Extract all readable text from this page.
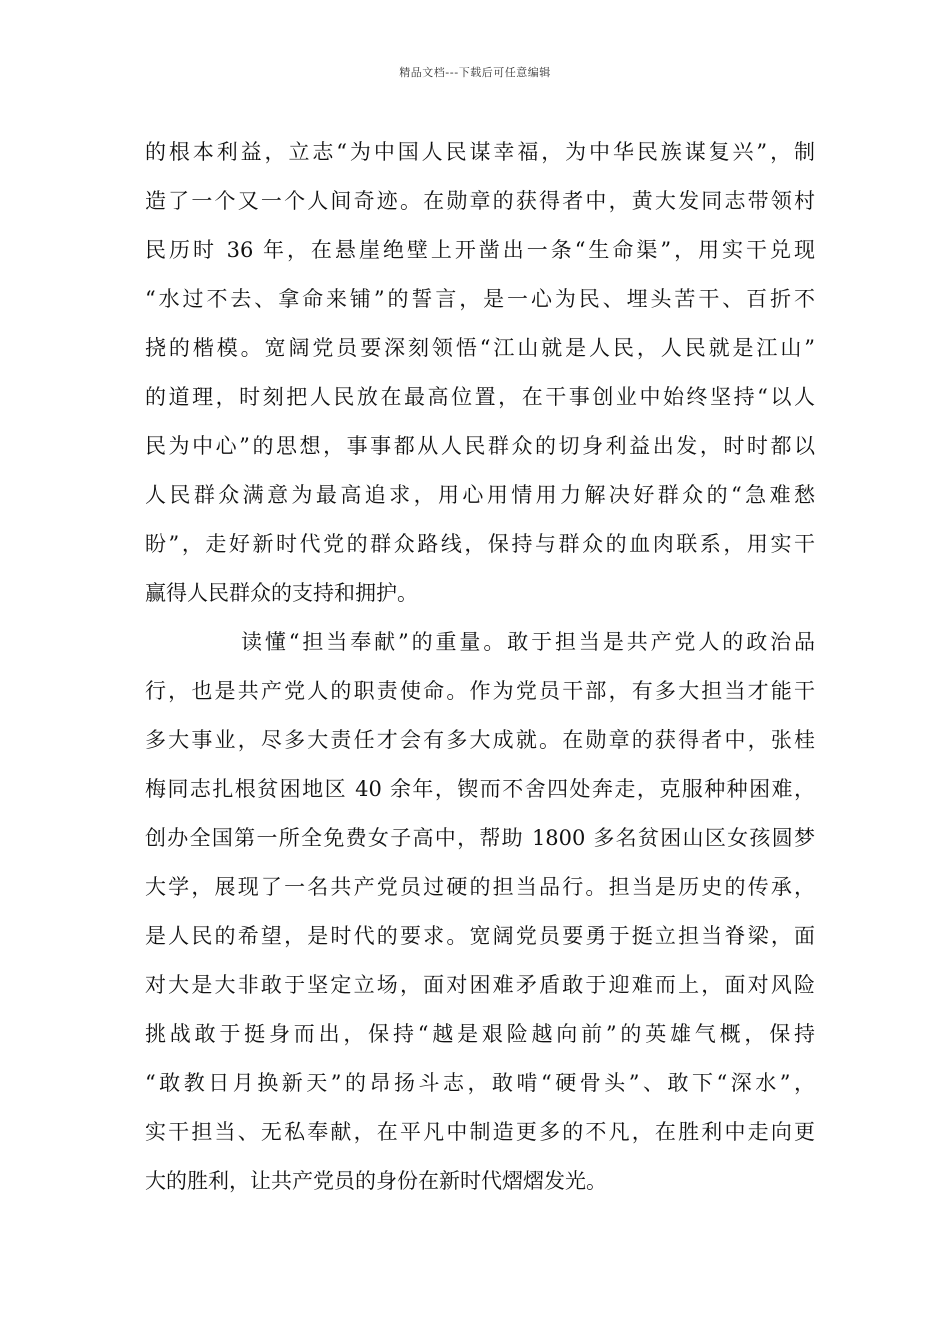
精品文档---下载后可任意编辑
的根本利益，立志“为中国人民谋幸福，为中华民族谋复兴”，制
造了一个又一个人间奇迹。在勋章的获得者中，黄大发同志带领村
民历时 36 年，在悬崖绝壁上开凿出一条“生命渠”，用实干兑现
“水过不去、拿命来铺”的誓言，是一心为民、埋头苦干、百折不
挠的楷模。宽阔党员要深刻领悟“江山就是人民，人民就是江山”
的道理，时刻把人民放在最高位置，在干事创业中始终坚持“以人
民为中心”的思想，事事都从人民群众的切身利益出发，时时都以
人民群众满意为最高追求，用心用情用力解决好群众的“急难愁
盼”，走好新时代党的群众路线，保持与群众的血肉联系，用实干
赢得人民群众的支持和拥护。
读懂“担当奉献”的重量。敢于担当是共产党人的政治品
行，也是共产党人的职责使命。作为党员干部，有多大担当才能干
多大事业，尽多大责任才会有多大成就。在勋章的获得者中，张桂
梅同志扎根贫困地区 40 余年，锲而不舍四处奔走，克服种种困难，
创办全国第一所全免费女子高中，帮助 1800 多名贫困山区女孩圆梦
大学，展现了一名共产党员过硬的担当品行。担当是历史的传承，
是人民的希望，是时代的要求。宽阔党员要勇于挺立担当脊梁，面
对大是大非敢于坚定立场，面对困难矛盾敢于迎难而上，面对风险
挑战敢于挺身而出，保持“越是艰险越向前”的英雄气概，保持
“敢教日月换新天”的昂扬斗志，敢啃“硬骨头”、敢下“深水”，
实干担当、无私奉献，在平凡中制造更多的不凡，在胜利中走向更
大的胜利，让共产党员的身份在新时代熠熠发光。
